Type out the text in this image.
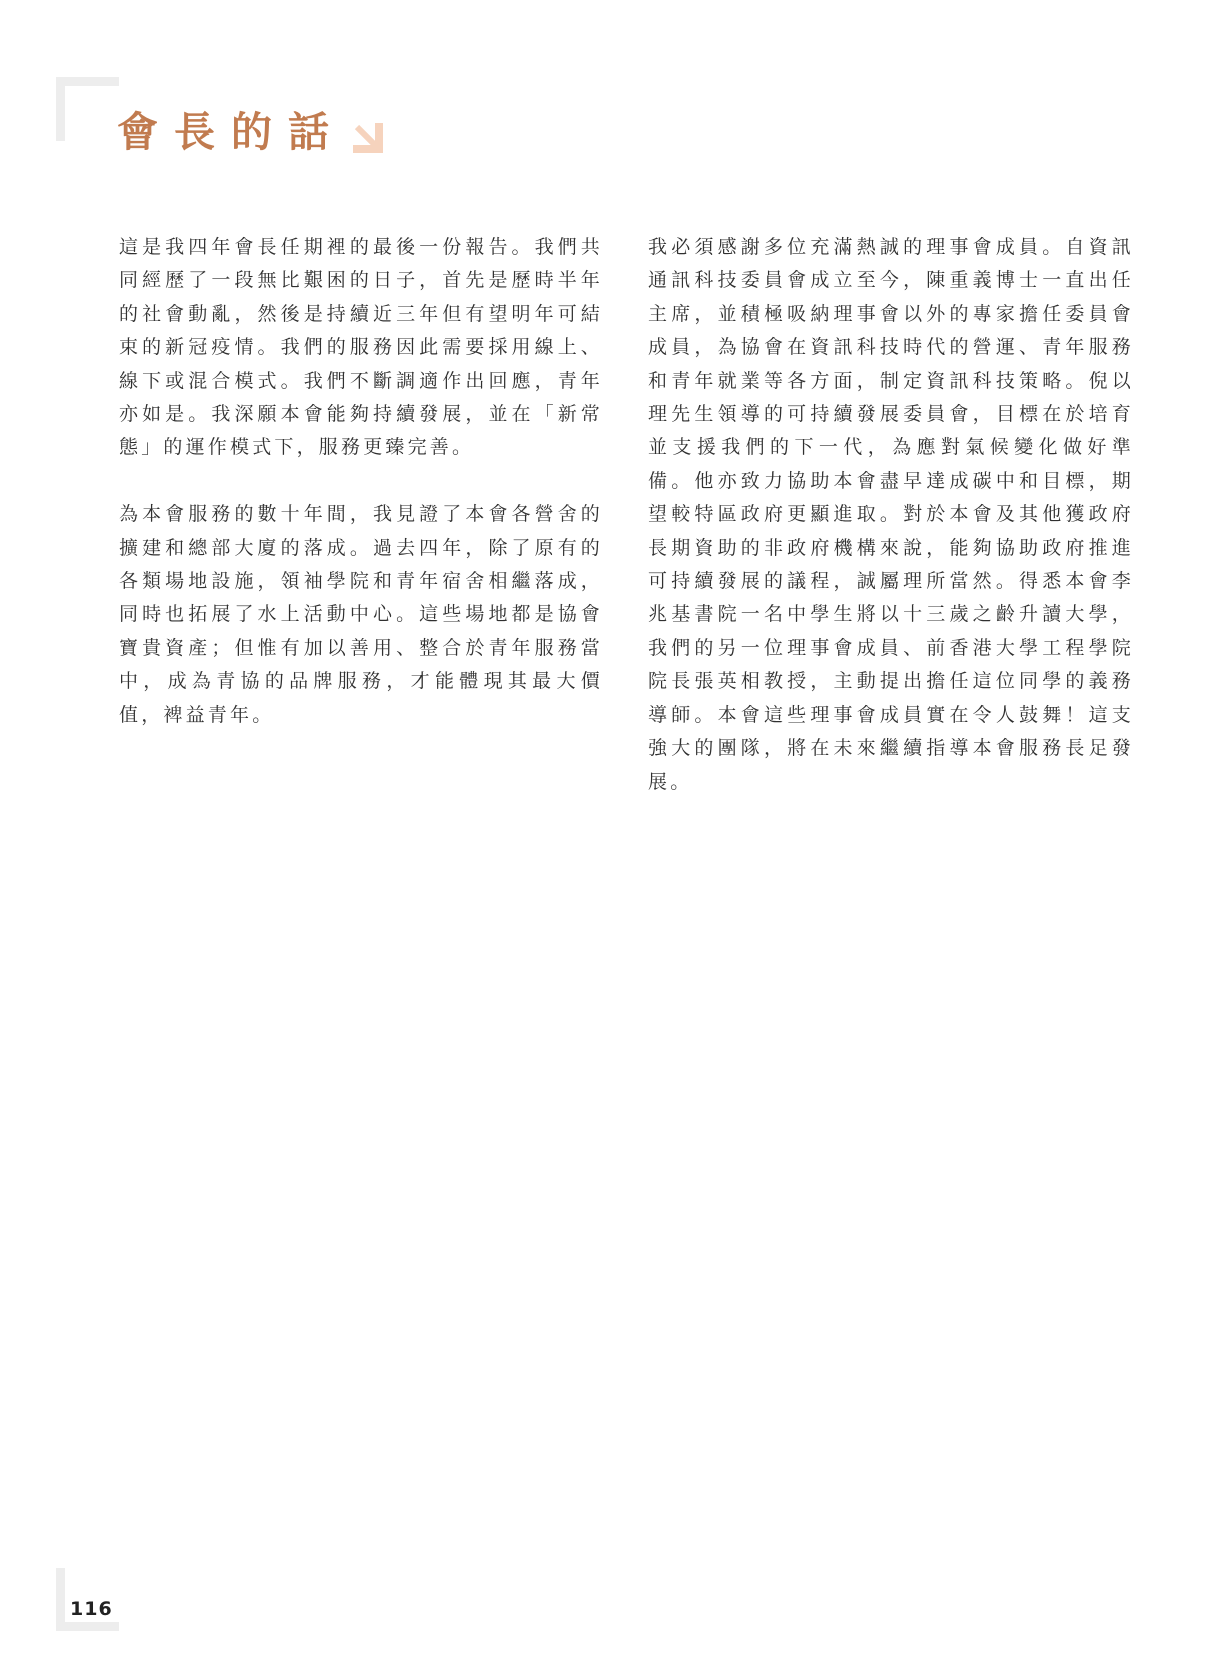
會長的話

這是我四年會長任期裡的最後一份報告。我們共同經歷了一段無比艱困的日子，首先是歷時半年的社會動亂，然後是持續近三年但有望明年可結束的新冠疫情。我們的服務因此需要採用線上、線下或混合模式。我們不斷調適作出回應，青年亦如是。我深願本會能夠持續發展，並在「新常態」的運作模式下，服務更臻完善。

為本會服務的數十年間，我見證了本會各營舍的擴建和總部大廈的落成。過去四年，除了原有的各類場地設施，領袖學院和青年宿舍相繼落成，同時也拓展了水上活動中心。這些場地都是協會寶貴資產；但惟有加以善用、整合於青年服務當中，成為青協的品牌服務，才能體現其最大價值，裨益青年。

我必須感謝多位充滿熱誠的理事會成員。自資訊通訊科技委員會成立至今，陳重義博士一直出任主席，並積極吸納理事會以外的專家擔任委員會成員，為協會在資訊科技時代的營運、青年服務和青年就業等各方面，制定資訊科技策略。倪以理先生領導的可持續發展委員會，目標在於培育並支援我們的下一代，為應對氣候變化做好準備。他亦致力協助本會盡早達成碳中和目標，期望較特區政府更顯進取。對於本會及其他獲政府長期資助的非政府機構來說，能夠協助政府推進可持續發展的議程，誠屬理所當然。得悉本會李兆基書院一名中學生將以十三歲之齡升讀大學，我們的另一位理事會成員、前香港大學工程學院院長張英相教授，主動提出擔任這位同學的義務導師。本會這些理事會成員實在令人鼓舞！這支強大的團隊，將在未來繼續指導本會服務長足發展。

116
